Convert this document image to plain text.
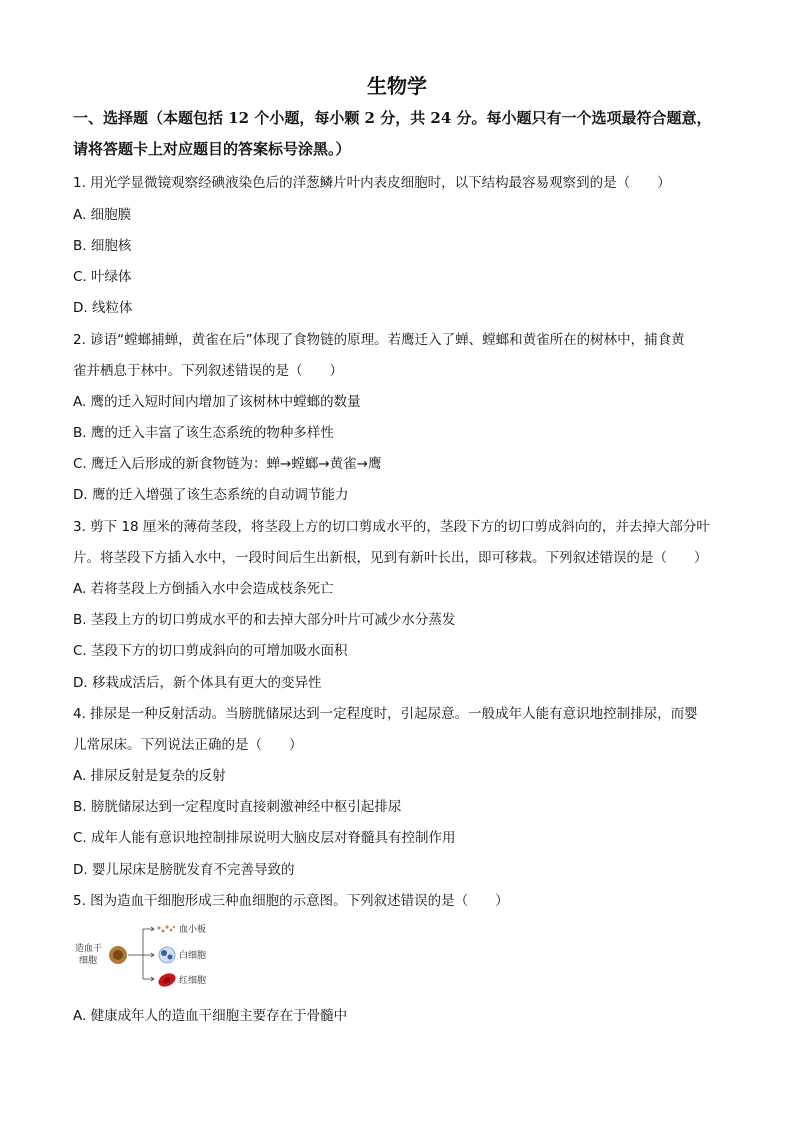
生物学
一、选择题（本题包括 12 个小题，每小颗 2 分，共 24 分。每小题只有一个选项最符合题意，
请将答题卡上对应题目的答案标号涂黑。）
1. 用光学显微镜观察经碘液染色后的洋葱鳞片叶内表皮细胞时，以下结构最容易观察到的是（　　）
A. 细胞膜
B. 细胞核
C. 叶绿体
D. 线粒体
2. 谚语“螳螂捕蝉，黄雀在后”体现了食物链的原理。若鹰迁入了蝉、螳螂和黄雀所在的树林中，捕食黄
雀并栖息于林中。下列叙述错误的是（　　）
A. 鹰的迁入短时间内增加了该树林中螳螂的数量
B. 鹰的迁入丰富了该生态系统的物种多样性
C. 鹰迁入后形成的新食物链为：蝉→螳螂→黄雀→鹰
D. 鹰的迁入增强了该生态系统的自动调节能力
3. 剪下 18 厘米的薄荷茎段，将茎段上方的切口剪成水平的，茎段下方的切口剪成斜向的，并去掉大部分叶
片。将茎段下方插入水中，一段时间后生出新根，见到有新叶长出，即可移栽。下列叙述错误的是（　　）
A. 若将茎段上方倒插入水中会造成枝条死亡
B. 茎段上方的切口剪成水平的和去掉大部分叶片可减少水分蒸发
C. 茎段下方的切口剪成斜向的可增加吸水面积
D. 移栽成活后，新个体具有更大的变异性
4. 排尿是一种反射活动。当膀胱储尿达到一定程度时，引起尿意。一般成年人能有意识地控制排尿，而婴
儿常尿床。下列说法正确的是（　　）
A. 排尿反射是复杂的反射
B. 膀胱储尿达到一定程度时直接刺激神经中枢引起排尿
C. 成年人能有意识地控制排尿说明大脑皮层对脊髓具有控制作用
D. 婴儿尿床是膀胱发育不完善导致的
5. 图为造血干细胞形成三种血细胞的示意图。下列叙述错误的是（　　）
造血干
细胞
血小板
白细胞
红细胞
A. 健康成年人的造血干细胞主要存在于骨髓中
